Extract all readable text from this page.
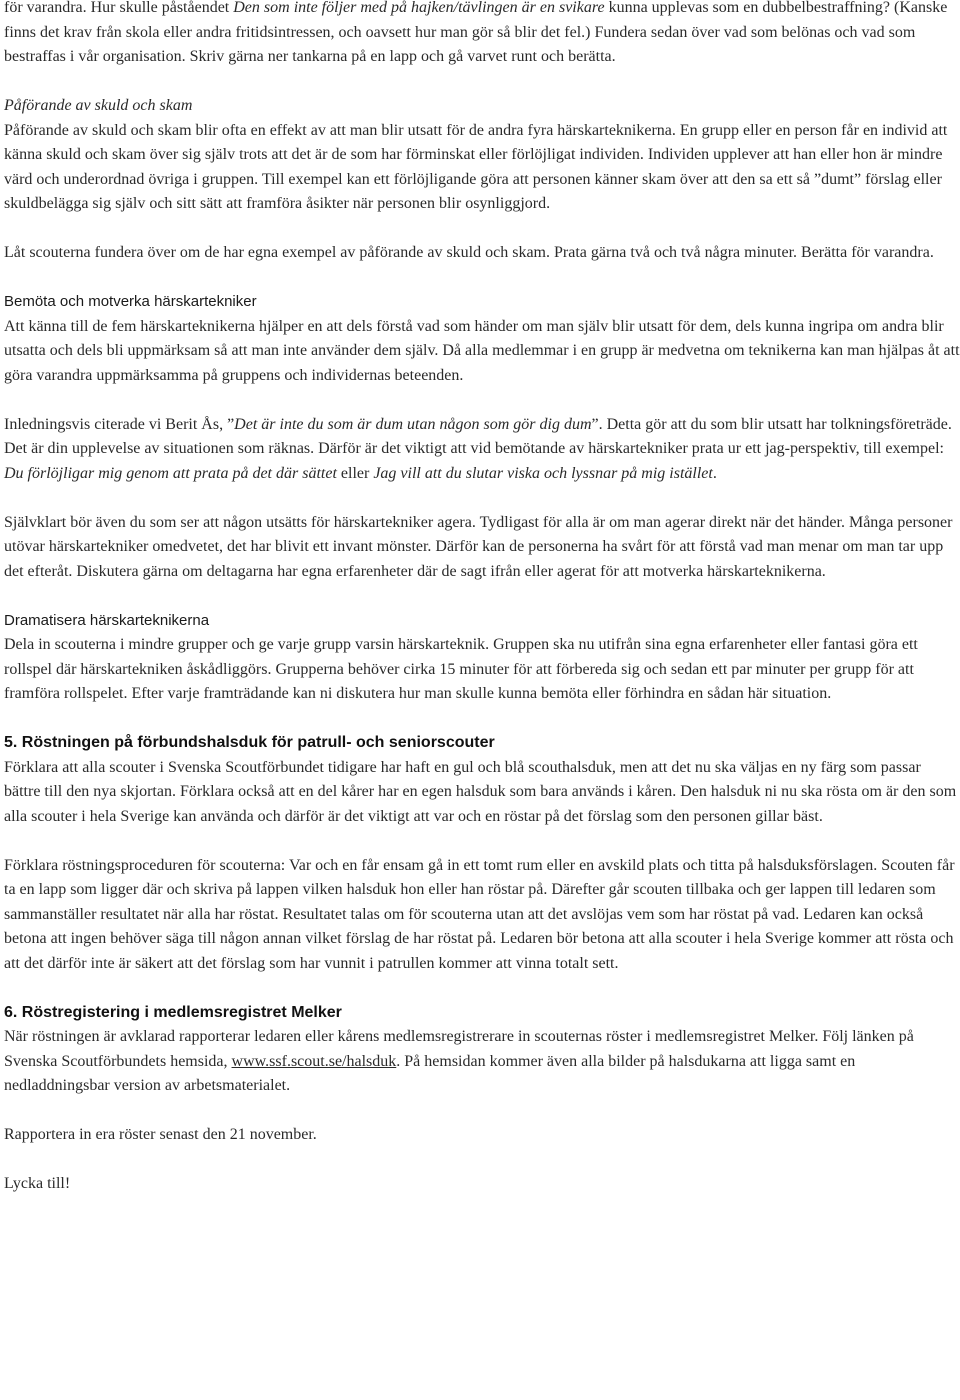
för varandra. Hur skulle påståendet Den som inte följer med på hajken/tävlingen är en svikare kunna upplevas som en dubbelbestraffning? (Kanske finns det krav från skola eller andra fritidsintressen, och oavsett hur man gör så blir det fel.) Fundera sedan över vad som belönas och vad som bestraffas i vår organisation. Skriv gärna ner tankarna på en lapp och gå varvet runt och berätta.

Påförande av skuld och skam

Påförande av skuld och skam blir ofta en effekt av att man blir utsatt för de andra fyra härskarteknikerna. En grupp eller en person får en individ att känna skuld och skam över sig själv trots att det är de som har förminskat eller förlöjligat individen. Individen upplever att han eller hon är mindre värd och underordnad övriga i gruppen. Till exempel kan ett förlöjligande göra att personen känner skam över att den sa ett så ”dumt” förslag eller skuldbelägga sig själv och sitt sätt att framföra åsikter när personen blir osynliggjord.

Låt scouterna fundera över om de har egna exempel av påförande av skuld och skam. Prata gärna två och två några minuter. Berätta för varandra.

Bemöta och motverka härskartekniker

Att känna till de fem härskarteknikerna hjälper en att dels förstå vad som händer om man själv blir utsatt för dem, dels kunna ingripa om andra blir utsatta och dels bli uppmärksam så att man inte använder dem själv. Då alla medlemmar i en grupp är medvetna om teknikerna kan man hjälpas åt att göra varandra uppmärksamma på gruppens och individernas beteenden.

Inledningsvis citerade vi Berit Ås, ”Det är inte du som är dum utan någon som gör dig dum”. Detta gör att du som blir utsatt har tolkningsföreträde. Det är din upplevelse av situationen som räknas. Därför är det viktigt att vid bemötande av härskartekniker prata ur ett jag-perspektiv, till exempel: Du förlöjligar mig genom att prata på det där sättet eller Jag vill att du slutar viska och lyssnar på mig istället.

Självklart bör även du som ser att någon utsätts för härskartekniker agera. Tydligast för alla är om man agerar direkt när det händer. Många personer utövar härskartekniker omedvetet, det har blivit ett invant mönster. Därför kan de personerna ha svårt för att förstå vad man menar om man tar upp det efteråt. Diskutera gärna om deltagarna har egna erfarenheter där de sagt ifrån eller agerat för att motverka härskarteknikerna.

Dramatisera härskarteknikerna

Dela in scouterna i mindre grupper och ge varje grupp varsin härskarteknik. Gruppen ska nu utifrån sina egna erfarenheter eller fantasi göra ett rollspel där härskartekniken åskådliggörs. Grupperna behöver cirka 15 minuter för att förbereda sig och sedan ett par minuter per grupp för att framföra rollspelet. Efter varje framträdande kan ni diskutera hur man skulle kunna bemöta eller förhindra en sådan här situation.

5. Röstningen på förbundshalsduk för patrull- och seniorscouter

Förklara att alla scouter i Svenska Scoutförbundet tidigare har haft en gul och blå scouthalsduk, men att det nu ska väljas en ny färg som passar bättre till den nya skjortan. Förklara också att en del kårer har en egen halsduk som bara används i kåren. Den halsduk ni nu ska rösta om är den som alla scouter i hela Sverige kan använda och därför är det viktigt att var och en röstar på det förslag som den personen gillar bäst.

Förklara röstningsproceduren för scouterna: Var och en får ensam gå in ett tomt rum eller en avskild plats och titta på halsduksförslagen. Scouten får ta en lapp som ligger där och skriva på lappen vilken halsduk hon eller han röstar på. Därefter går scouten tillbaka och ger lappen till ledaren som sammanställer resultatet när alla har röstat. Resultatet talas om för scouterna utan att det avslöjas vem som har röstat på vad. Ledaren kan också betona att ingen behöver säga till någon annan vilket förslag de har röstat på. Ledaren bör betona att alla scouter i hela Sverige kommer att rösta och att det därför inte är säkert att det förslag som har vunnit i patrullen kommer att vinna totalt sett.

6. Röstregistering i medlemsregistret Melker

När röstningen är avklarad rapporterar ledaren eller kårens medlemsregistrerare in scouternas röster i medlemsregistret Melker. Följ länken på Svenska Scoutförbundets hemsida, www.ssf.scout.se/halsduk. På hemsidan kommer även alla bilder på halsdukarna att ligga samt en nedladdningsbar version av arbetsmaterialet.

Rapportera in era röster senast den 21 november.

Lycka till!
